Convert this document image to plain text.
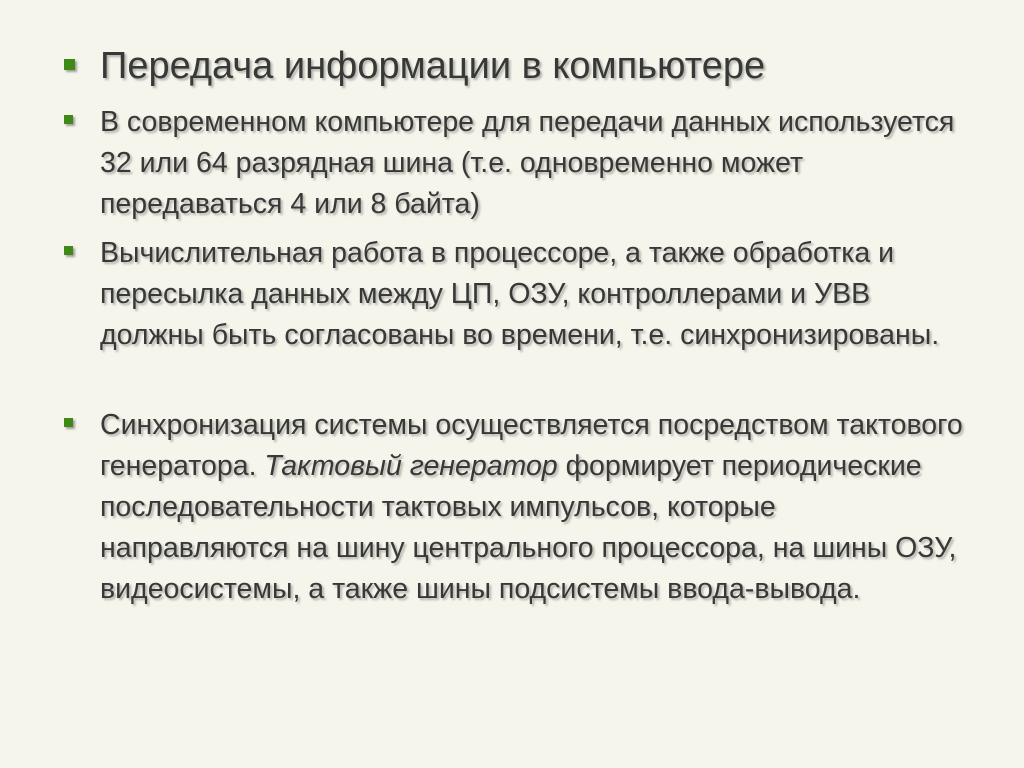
Передача информации в компьютере
В современном компьютере для передачи данных используется 32 или 64 разрядная шина (т.е. одновременно может передаваться 4 или 8 байта)
Вычислительная работа в процессоре, а также обработка и пересылка данных между ЦП, ОЗУ, контроллерами и УВВ должны быть согласованы во времени, т.е. синхронизированы.
Синхронизация системы осуществляется посредством тактового генератора. Тактовый генератор формирует периодические последовательности тактовых импульсов, которые направляются на шину центрального процессора, на шины ОЗУ, видеосистемы, а также шины подсистемы ввода-вывода.
